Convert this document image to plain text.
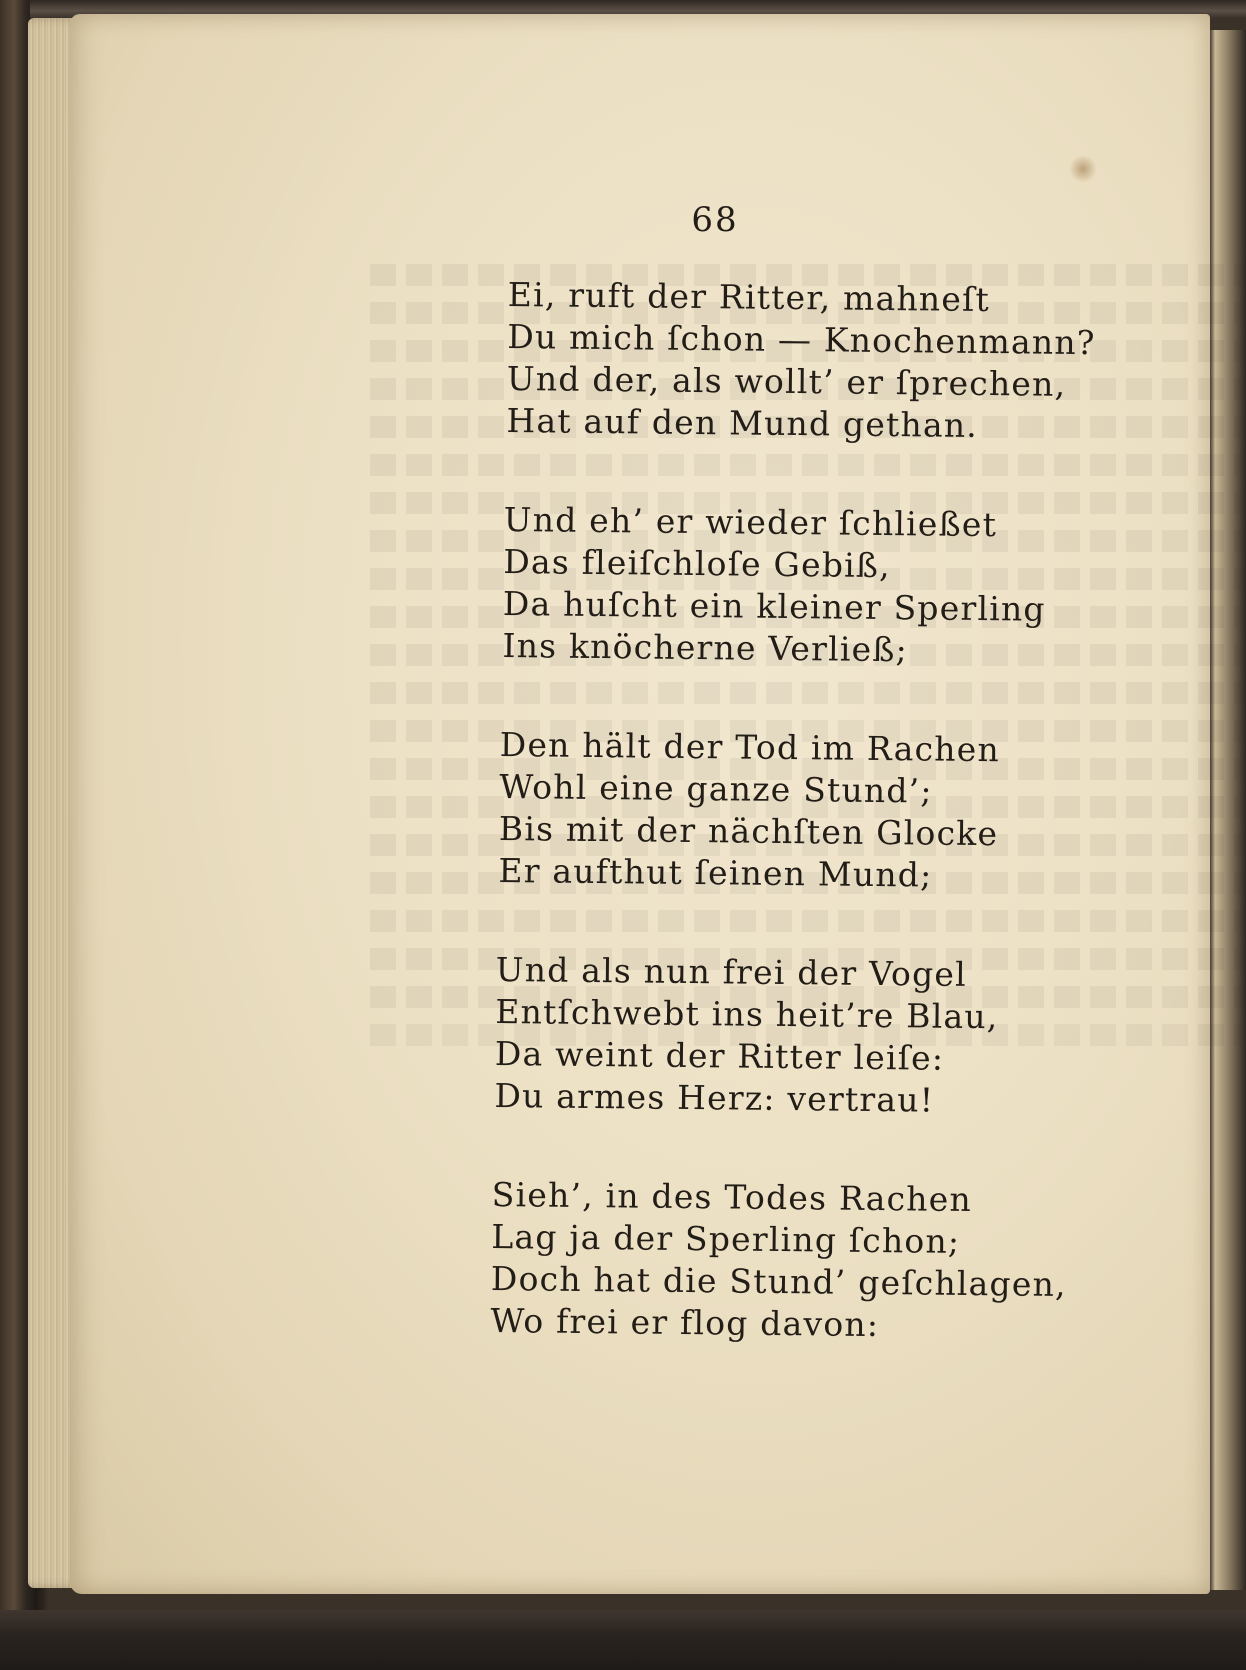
68
Ei, ruft der Ritter, mahneſt
Du mich ſchon — Knochenmann?
Und der, als wollt’ er ſprechen,
Hat auf den Mund gethan.
Und eh’ er wieder ſchließet
Das fleiſchloſe Gebiß,
Da huſcht ein kleiner Sperling
Ins knöcherne Verließ;
Den hält der Tod im Rachen
Wohl eine ganze Stund’;
Bis mit der nächſten Glocke
Er aufthut ſeinen Mund;
Und als nun frei der Vogel
Entſchwebt ins heit’re Blau,
Da weint der Ritter leiſe:
Du armes Herz: vertrau!
Sieh’, in des Todes Rachen
Lag ja der Sperling ſchon;
Doch hat die Stund’ geſchlagen,
Wo frei er flog davon:
